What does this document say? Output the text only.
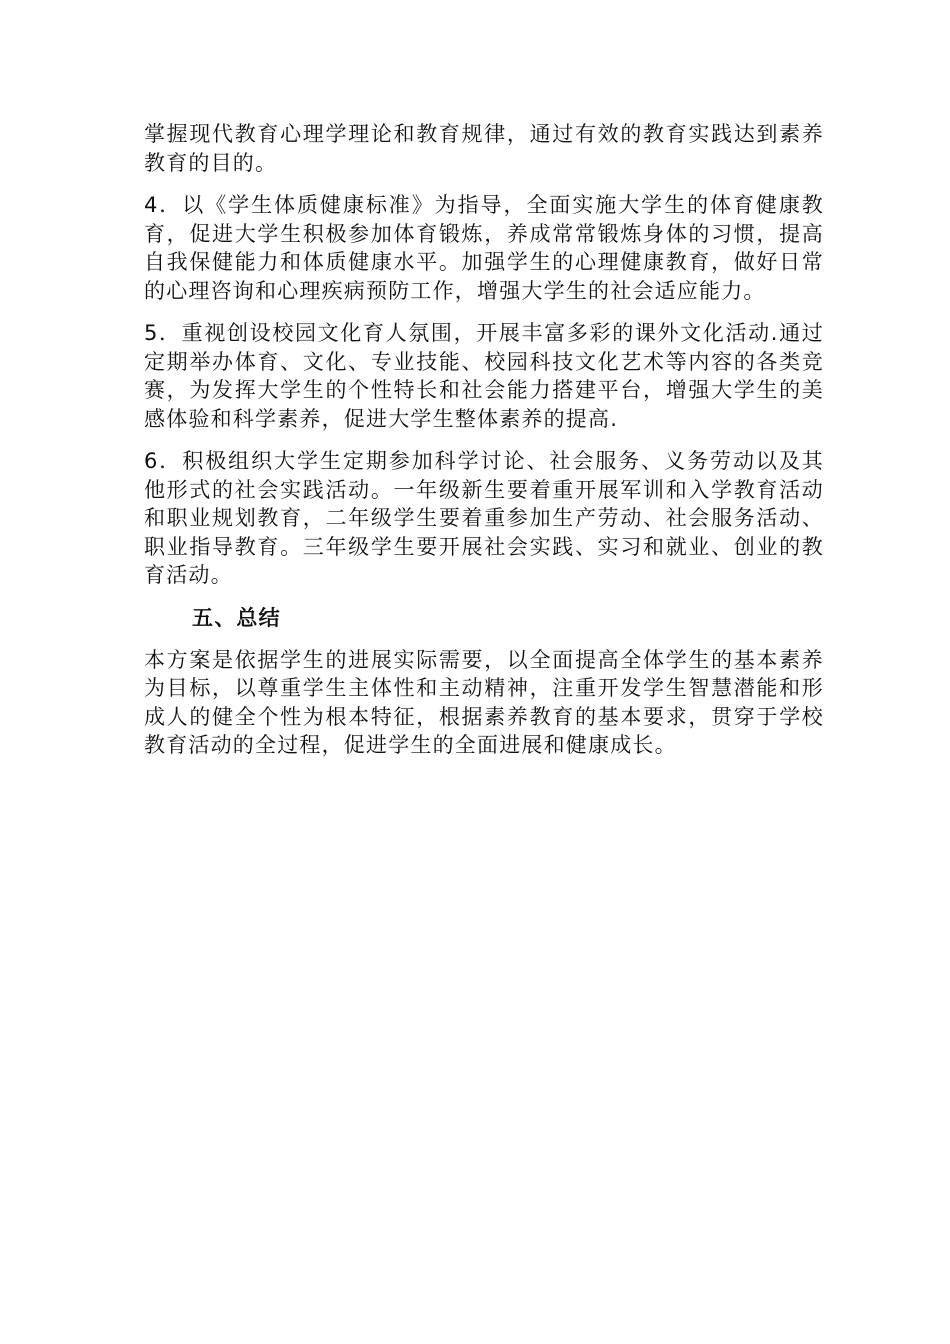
掌握现代教育心理学理论和教育规律，通过有效的教育实践达到素养教育的目的。

4．以《学生体质健康标准》为指导，全面实施大学生的体育健康教育，促进大学生积极参加体育锻炼，养成常常锻炼身体的习惯，提高自我保健能力和体质健康水平。加强学生的心理健康教育，做好日常的心理咨询和心理疾病预防工作，增强大学生的社会适应能力。

5．重视创设校园文化育人氛围，开展丰富多彩的课外文化活动.通过定期举办体育、文化、专业技能、校园科技文化艺术等内容的各类竞赛，为发挥大学生的个性特长和社会能力搭建平台，增强大学生的美感体验和科学素养，促进大学生整体素养的提高.

6．积极组织大学生定期参加科学讨论、社会服务、义务劳动以及其他形式的社会实践活动。一年级新生要着重开展军训和入学教育活动和职业规划教育，二年级学生要着重参加生产劳动、社会服务活动、职业指导教育。三年级学生要开展社会实践、实习和就业、创业的教育活动。

五、总结

本方案是依据学生的进展实际需要，以全面提高全体学生的基本素养为目标，以尊重学生主体性和主动精神，注重开发学生智慧潜能和形成人的健全个性为根本特征，根据素养教育的基本要求，贯穿于学校教育活动的全过程，促进学生的全面进展和健康成长。
